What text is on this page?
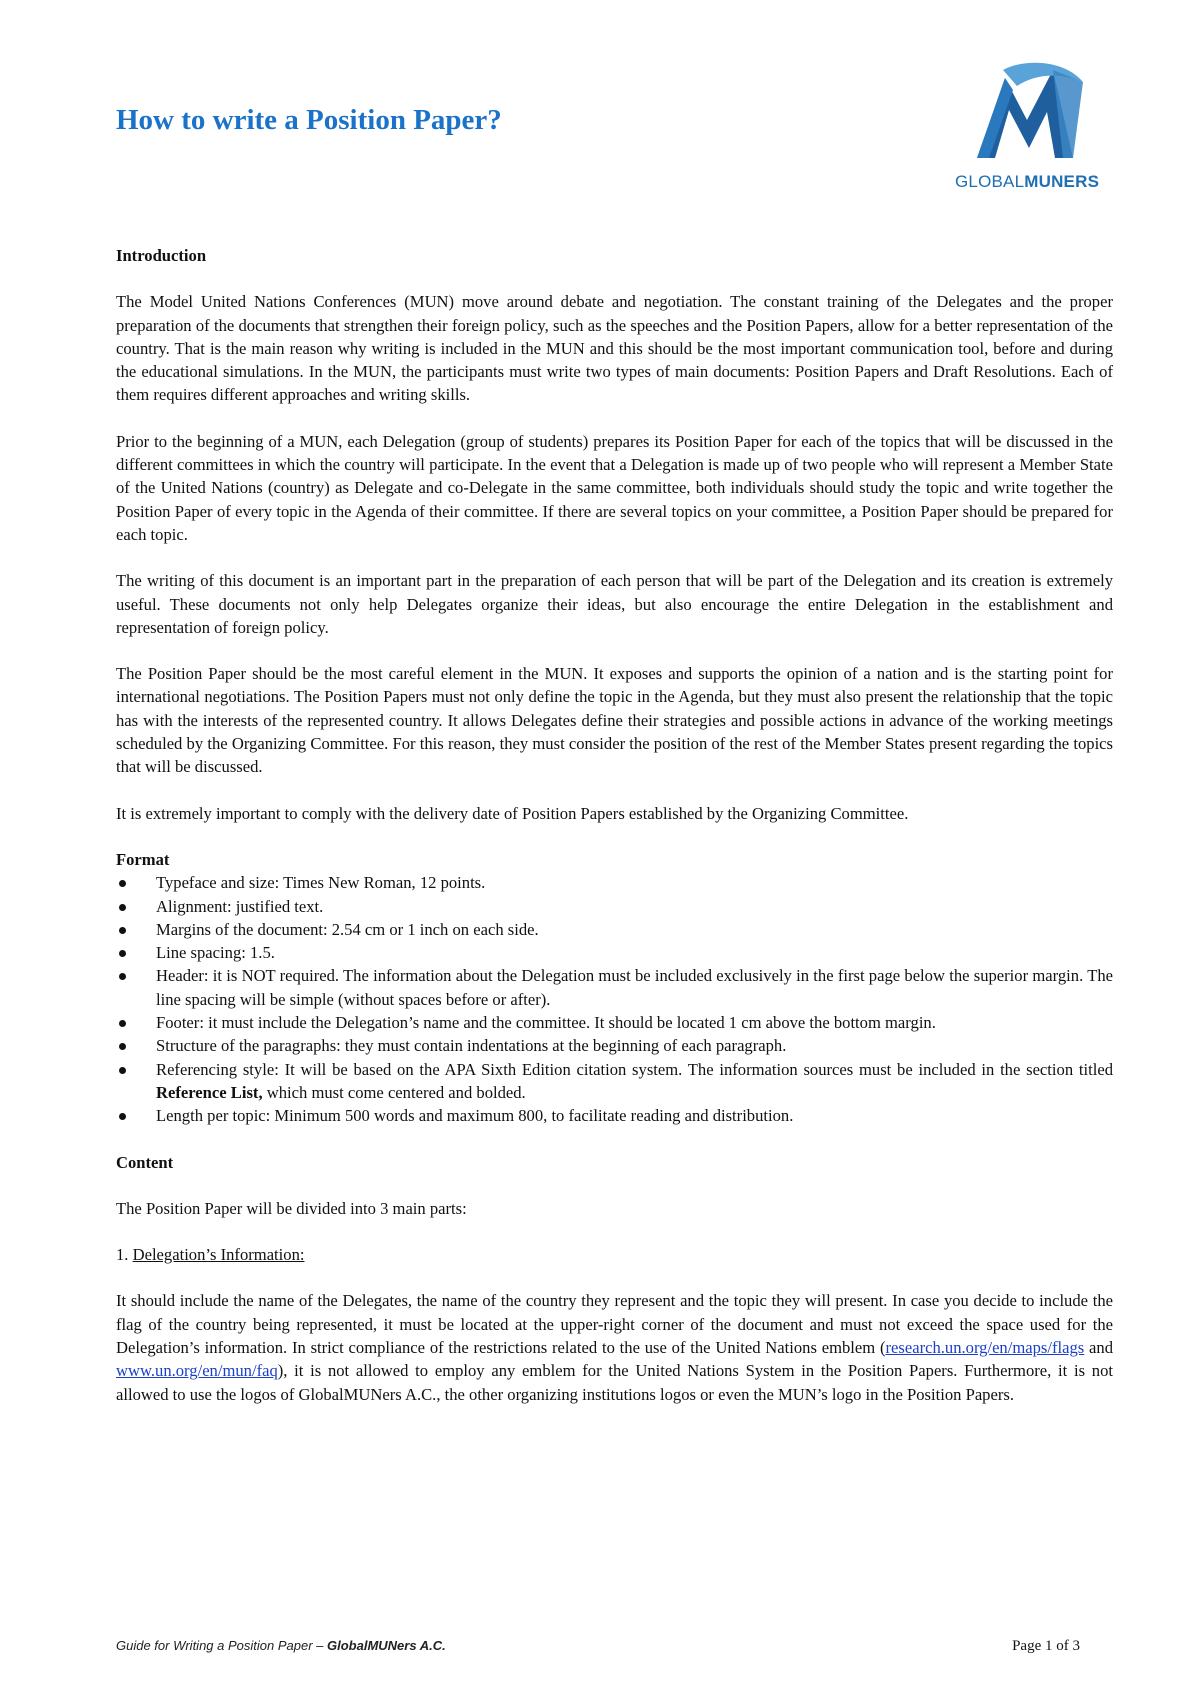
How to write a Position Paper?
GLOBALMUNERS
Introduction

The Model United Nations Conferences (MUN) move around debate and negotiation. The constant training of the Delegates and the proper preparation of the documents that strengthen their foreign policy, such as the speeches and the Position Papers, allow for a better representation of the country. That is the main reason why writing is included in the MUN and this should be the most important communication tool, before and during the educational simulations. In the MUN, the participants must write two types of main documents: Position Papers and Draft Resolutions. Each of them requires different approaches and writing skills.

Prior to the beginning of a MUN, each Delegation (group of students) prepares its Position Paper for each of the topics that will be discussed in the different committees in which the country will participate. In the event that a Delegation is made up of two people who will represent a Member State of the United Nations (country) as Delegate and co-Delegate in the same committee, both individuals should study the topic and write together the Position Paper of every topic in the Agenda of their committee. If there are several topics on your committee, a Position Paper should be prepared for each topic.

The writing of this document is an important part in the preparation of each person that will be part of the Delegation and its creation is extremely useful. These documents not only help Delegates organize their ideas, but also encourage the entire Delegation in the establishment and representation of foreign policy.

The Position Paper should be the most careful element in the MUN. It exposes and supports the opinion of a nation and is the starting point for international negotiations. The Position Papers must not only define the topic in the Agenda, but they must also present the relationship that the topic has with the interests of the represented country. It allows Delegates define their strategies and possible actions in advance of the working meetings scheduled by the Organizing Committee. For this reason, they must consider the position of the rest of the Member States present regarding the topics that will be discussed.

It is extremely important to comply with the delivery date of Position Papers established by the Organizing Committee.

Format
Typeface and size: Times New Roman, 12 points.
Alignment: justified text.
Margins of the document: 2.54 cm or 1 inch on each side.
Line spacing: 1.5.
Header: it is NOT required. The information about the Delegation must be included exclusively in the first page below the superior margin. The line spacing will be simple (without spaces before or after).
Footer: it must include the Delegation’s name and the committee. It should be located 1 cm above the bottom margin.
Structure of the paragraphs: they must contain indentations at the beginning of each paragraph.
Referencing style: It will be based on the APA Sixth Edition citation system. The information sources must be included in the section titled Reference List, which must come centered and bolded.
Length per topic: Minimum 500 words and maximum 800, to facilitate reading and distribution.
Content

The Position Paper will be divided into 3 main parts:

1. Delegation’s Information:

It should include the name of the Delegates, the name of the country they represent and the topic they will present. In case you decide to include the flag of the country being represented, it must be located at the upper-right corner of the document and must not exceed the space used for the Delegation’s information. In strict compliance of the restrictions related to the use of the United Nations emblem (research.un.org/en/maps/flags and www.un.org/en/mun/faq), it is not allowed to employ any emblem for the United Nations System in the Position Papers. Furthermore, it is not allowed to use the logos of GlobalMUNers A.C., the other organizing institutions logos or even the MUN’s logo in the Position Papers.

Guide for Writing a Position Paper – GlobalMUNers A.C.	Page 1 of 3
